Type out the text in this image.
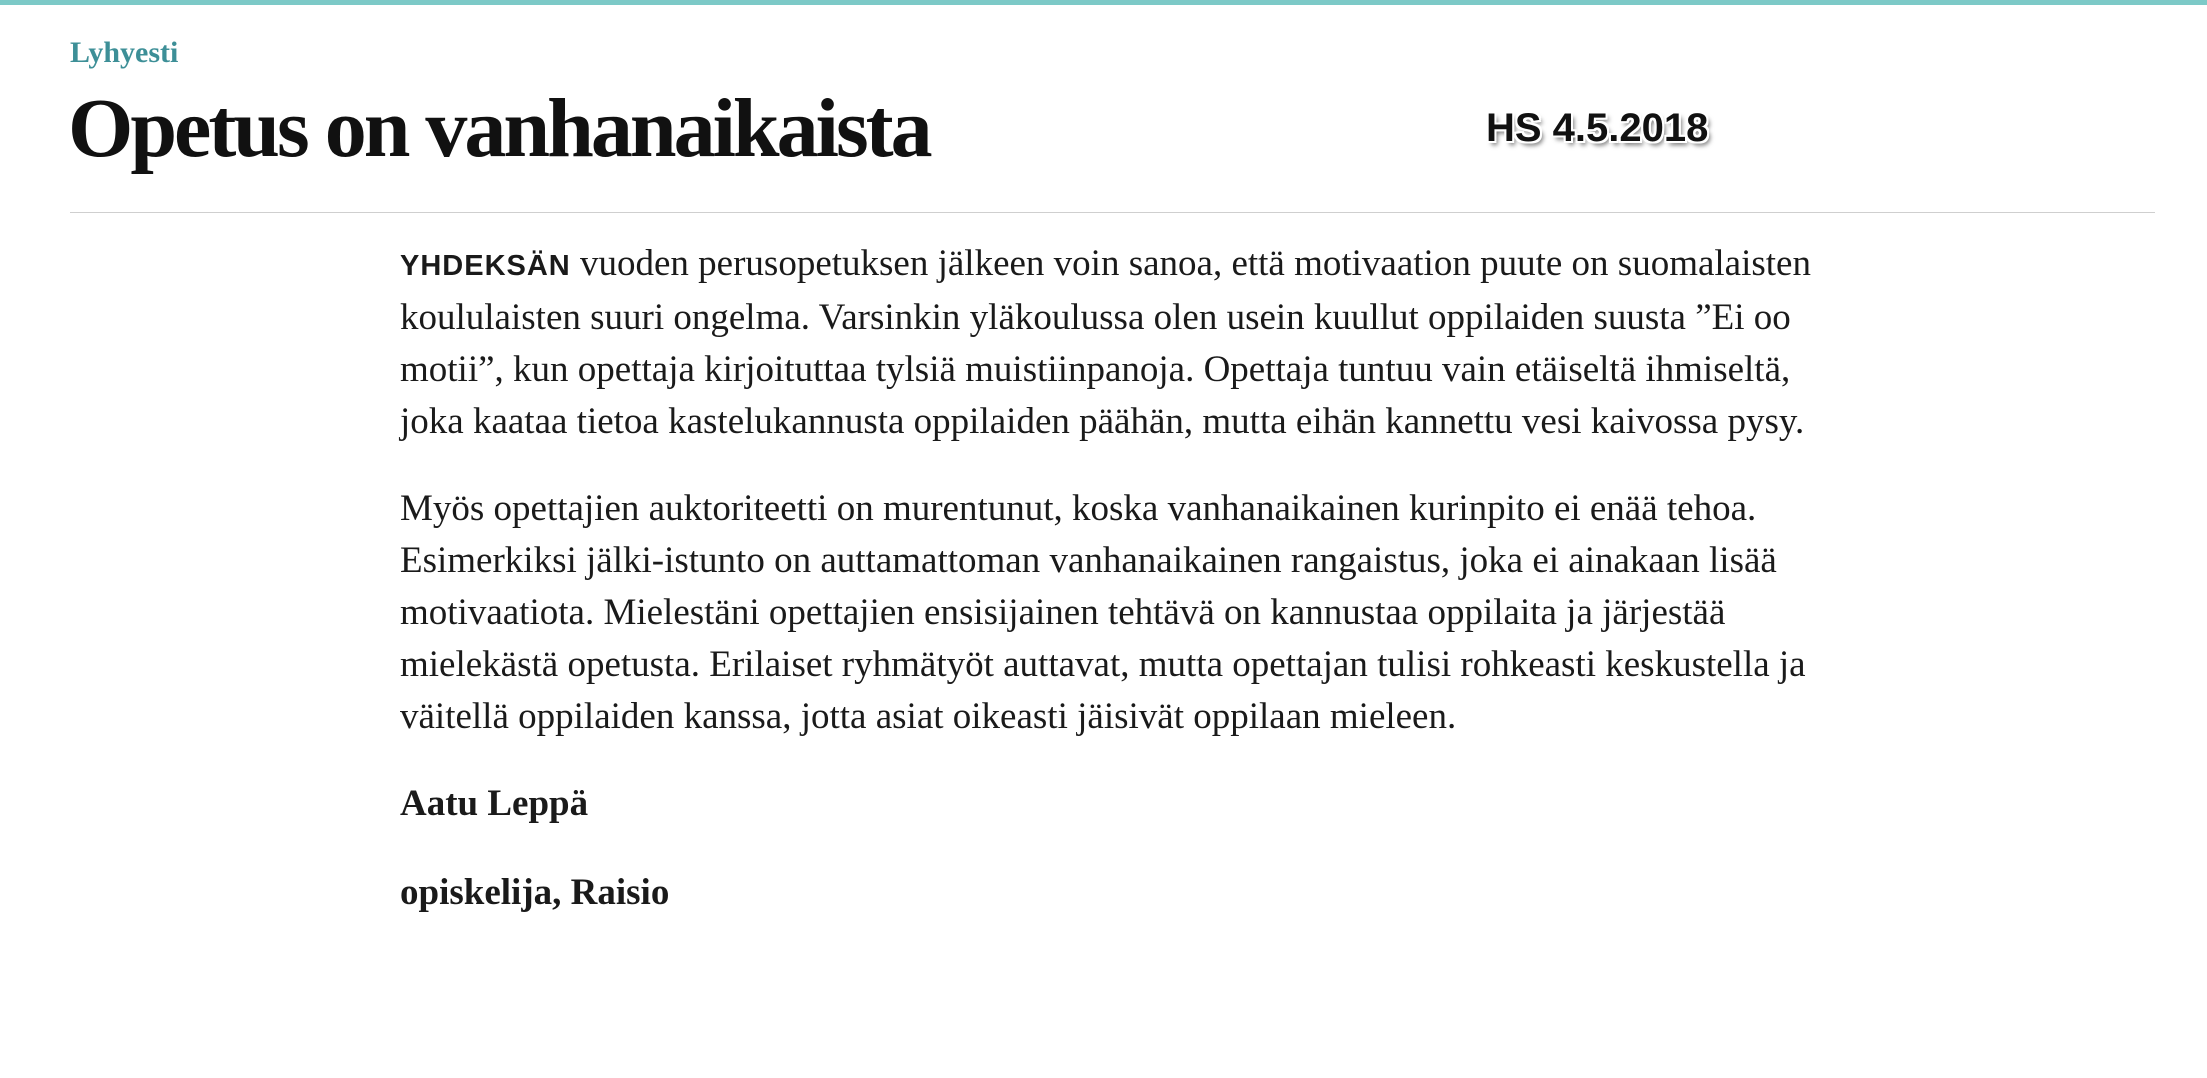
Lyhyesti
Opetus on vanhanaikaista	HS 4.5.2018

YHDEKSÄN vuoden perusopetuksen jälkeen voin sanoa, että motivaation puute on suomalaisten koululaisten suuri ongelma. Varsinkin yläkoulussa olen usein kuullut oppilaiden suusta ”Ei oo motii”, kun opettaja kirjoituttaa tylsiä muistiinpanoja. Opettaja tuntuu vain etäiseltä ihmiseltä, joka kaataa tietoa kastelukannusta oppilaiden päähän, mutta eihän kannettu vesi kaivossa pysy.

Myös opettajien auktoriteetti on murentunut, koska vanhanaikainen kurinpito ei enää tehoa. Esimerkiksi jälki-istunto on auttamattoman vanhanaikainen rangaistus, joka ei ainakaan lisää motivaatiota. Mielestäni opettajien ensisijainen tehtävä on kannustaa oppilaita ja järjestää mielekästä opetusta. Erilaiset ryhmätyöt auttavat, mutta opettajan tulisi rohkeasti keskustella ja väitellä oppilaiden kanssa, jotta asiat oikeasti jäisivät oppilaan mieleen.

Aatu Leppä

opiskelija, Raisio
